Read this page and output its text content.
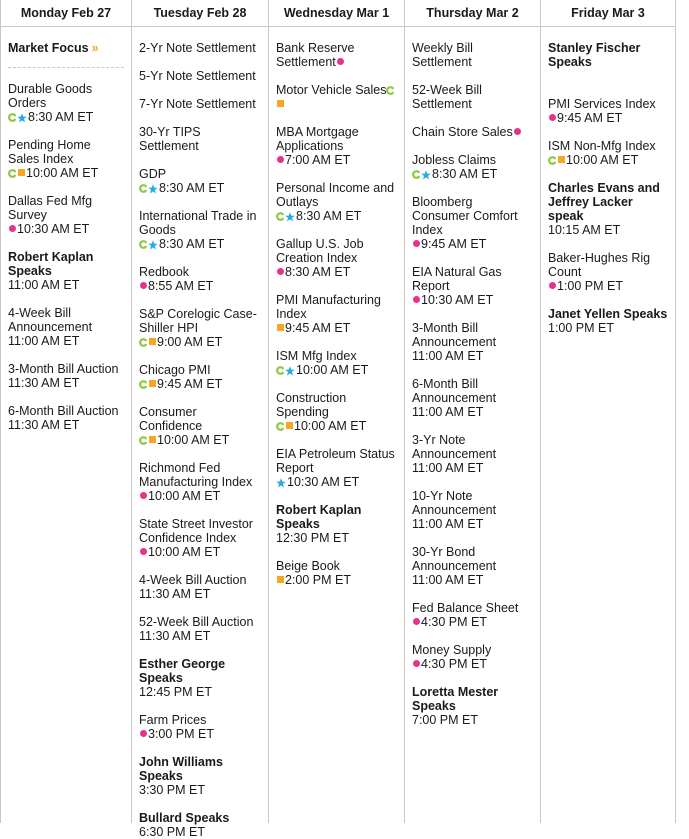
Monday Feb 27
Market Focus »
Durable Goods Orders
8:30 AM ET
Pending Home Sales Index
10:00 AM ET
Dallas Fed Mfg Survey
10:30 AM ET
Robert Kaplan Speaks
11:00 AM ET
4-Week Bill Announcement
11:00 AM ET
3-Month Bill Auction
11:30 AM ET
6-Month Bill Auction
11:30 AM ET
Tuesday Feb 28
2-Yr Note Settlement
5-Yr Note Settlement
7-Yr Note Settlement
30-Yr TIPS Settlement
GDP
8:30 AM ET
International Trade in Goods
8:30 AM ET
Redbook
8:55 AM ET
S&P Corelogic Case-Shiller HPI
9:00 AM ET
Chicago PMI
9:45 AM ET
Consumer Confidence
10:00 AM ET
Richmond Fed Manufacturing Index
10:00 AM ET
State Street Investor Confidence Index
10:00 AM ET
4-Week Bill Auction
11:30 AM ET
52-Week Bill Auction
11:30 AM ET
Esther George Speaks
12:45 PM ET
Farm Prices
3:00 PM ET
John Williams Speaks
3:30 PM ET
Bullard Speaks
6:30 PM ET
Wednesday Mar 1
Bank Reserve Settlement
Motor Vehicle Sales
MBA Mortgage Applications
7:00 AM ET
Personal Income and Outlays
8:30 AM ET
Gallup U.S. Job Creation Index
8:30 AM ET
PMI Manufacturing Index
9:45 AM ET
ISM Mfg Index
10:00 AM ET
Construction Spending
10:00 AM ET
EIA Petroleum Status Report
10:30 AM ET
Robert Kaplan Speaks
12:30 PM ET
Beige Book
2:00 PM ET
Thursday Mar 2
Weekly Bill Settlement
52-Week Bill Settlement
Chain Store Sales
Jobless Claims
8:30 AM ET
Bloomberg Consumer Comfort Index
9:45 AM ET
EIA Natural Gas Report
10:30 AM ET
3-Month Bill Announcement
11:00 AM ET
6-Month Bill Announcement
11:00 AM ET
3-Yr Note Announcement
11:00 AM ET
10-Yr Note Announcement
11:00 AM ET
30-Yr Bond Announcement
11:00 AM ET
Fed Balance Sheet
4:30 PM ET
Money Supply
4:30 PM ET
Loretta Mester Speaks
7:00 PM ET
Friday Mar 3
Stanley Fischer Speaks
PMI Services Index
9:45 AM ET
ISM Non-Mfg Index
10:00 AM ET
Charles Evans and Jeffrey Lacker speak
10:15 AM ET
Baker-Hughes Rig Count
1:00 PM ET
Janet Yellen Speaks
1:00 PM ET
